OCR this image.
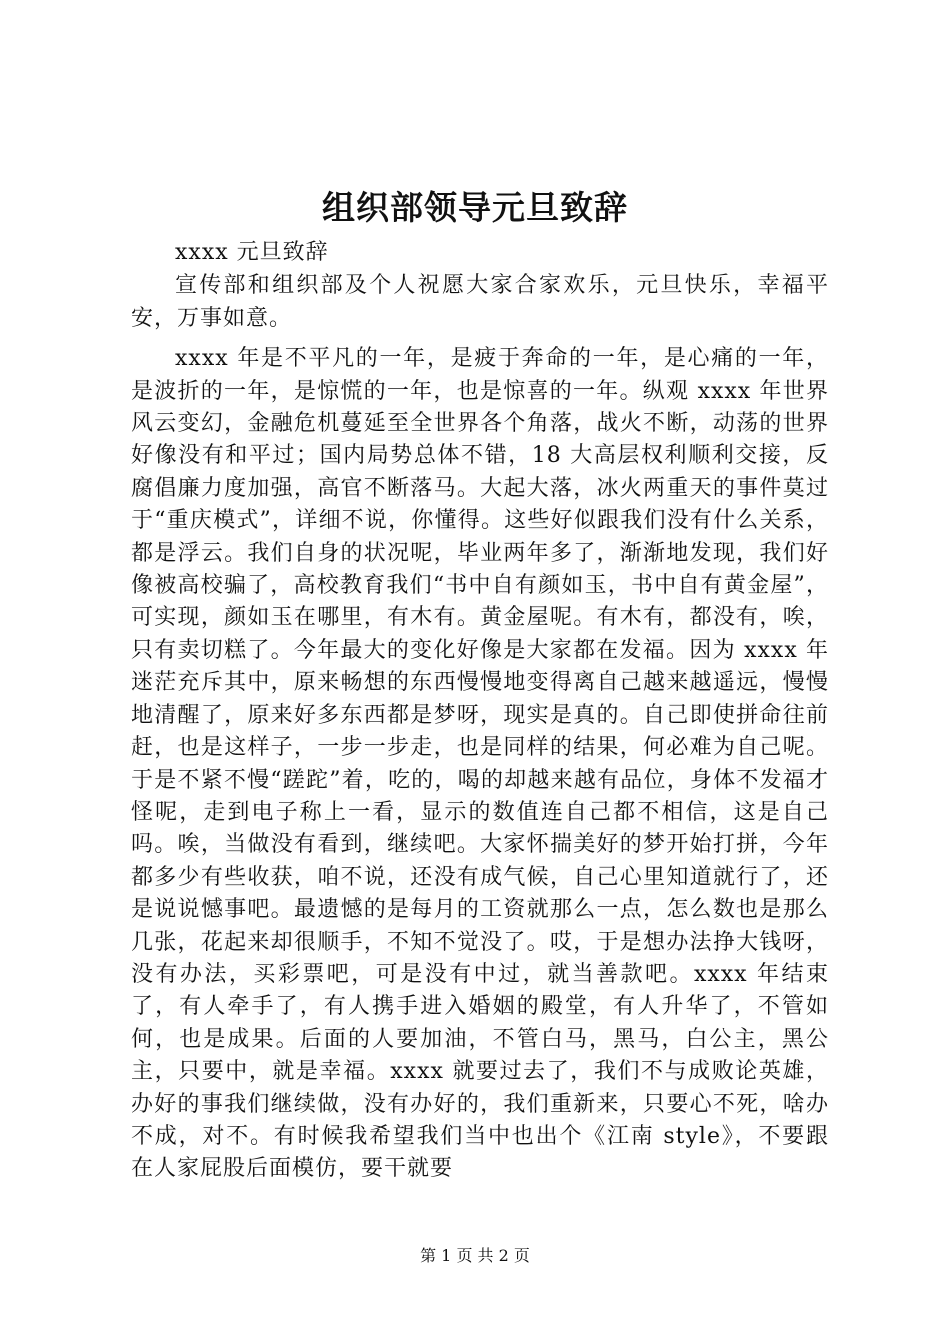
组织部领导元旦致辞

xxxx 元旦致辞

宣传部和组织部及个人祝愿大家合家欢乐，元旦快乐，幸福平安，万事如意。

xxxx 年是不平凡的一年，是疲于奔命的一年，是心痛的一年，是波折的一年，是惊慌的一年，也是惊喜的一年。纵观 xxxx 年世界风云变幻，金融危机蔓延至全世界各个角落，战火不断，动荡的世界好像没有和平过；国内局势总体不错，18 大高层权利顺利交接，反腐倡廉力度加强，高官不断落马。大起大落，冰火两重天的事件莫过于“重庆模式”，详细不说，你懂得。这些好似跟我们没有什么关系，都是浮云。我们自身的状况呢，毕业两年多了，渐渐地发现，我们好像被高校骗了，高校教育我们“书中自有颜如玉，书中自有黄金屋”，可实现，颜如玉在哪里，有木有。黄金屋呢。有木有，都没有，唉，只有卖切糕了。今年最大的变化好像是大家都在发福。因为 xxxx 年迷茫充斥其中，原来畅想的东西慢慢地变得离自己越来越遥远，慢慢地清醒了，原来好多东西都是梦呀，现实是真的。自己即使拼命往前赶，也是这样子，一步一步走，也是同样的结果，何必难为自己呢。于是不紧不慢“蹉跎”着，吃的，喝的却越来越有品位，身体不发福才怪呢，走到电子称上一看，显示的数值连自己都不相信，这是自己吗。唉，当做没有看到，继续吧。大家怀揣美好的梦开始打拼，今年都多少有些收获，咱不说，还没有成气候，自己心里知道就行了，还是说说憾事吧。最遗憾的是每月的工资就那么一点，怎么数也是那么几张，花起来却很顺手，不知不觉没了。哎，于是想办法挣大钱呀，没有办法，买彩票吧，可是没有中过，就当善款吧。xxxx 年结束了，有人牵手了，有人携手进入婚姻的殿堂，有人升华了，不管如何，也是成果。后面的人要加油，不管白马，黑马，白公主，黑公主，只要中，就是幸福。xxxx 就要过去了，我们不与成败论英雄，办好的事我们继续做，没有办好的，我们重新来，只要心不死，啥办不成，对不。有时候我希望我们当中也出个《江南 style》，不要跟在人家屁股后面模仿，要干就要

第 1 页 共 2 页
